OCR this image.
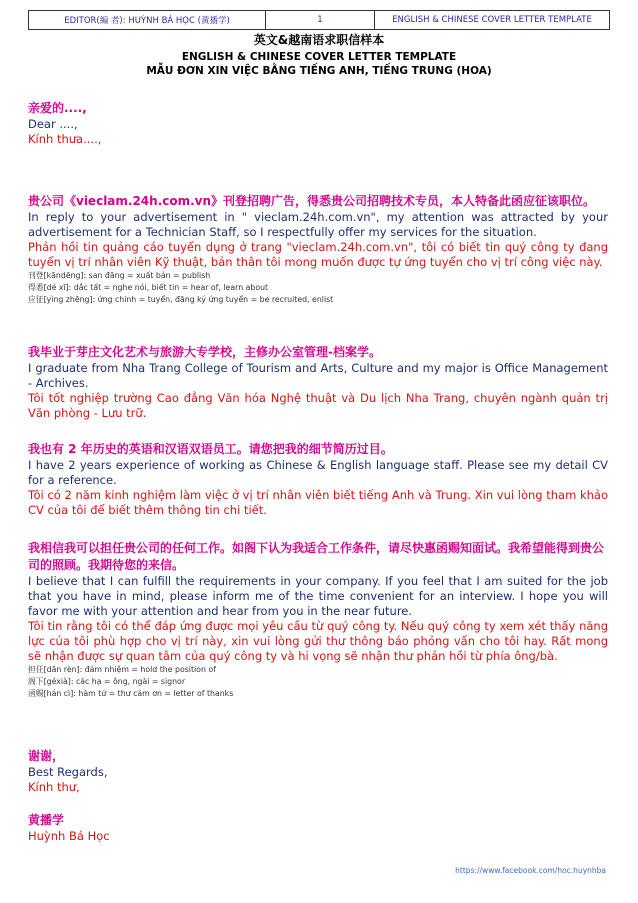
EDITOR(編 者): HUỲNH BÁ HỌC (黃播学)	1	ENGLISH & CHINESE COVER LETTER TEMPLATE
英文&越南语求职信样本
ENGLISH & CHINESE COVER LETTER TEMPLATE
MẪU ĐƠN XIN VIỆC BẰNG TIẾNG ANH, TIẾNG TRUNG (HOA)
亲爱的....,
Dear ....,
Kính thưa....,
贵公司《vieclam.24h.com.vn》刊登招聘广告，得悉贵公司招聘技术专员，本人特备此函应征该职位。
In reply to your advertisement in " vieclam.24h.com.vn", my attention was attracted by your advertisement for a Technician Staff, so I respectfully offer my services for the situation.
Phản hồi tin quảng cáo tuyển dụng ở trang "vieclam.24h.com.vn", tôi có biết tin quý công ty đang tuyển vị trí nhân viên Kỹ thuật, bản thân tôi mong muốn được tự ứng tuyển cho vị trí công việc này.
刊登[kāndēng]: san đăng = xuất bản = publish
得悉[dé xī]: dắc tất = nghe nói, biết tin = hear of, learn about
应征[yìng zhēng]: ứng chinh = tuyển, đăng ký ứng tuyển = be recruited, enlist
我毕业于芽庄文化艺术与旅游大专学校，主修办公室管理-档案学。
I graduate from Nha Trang College of Tourism and Arts, Culture and my major is Office Management - Archives.
Tôi tốt nghiệp trường Cao đẳng Văn hóa Nghệ thuật và Du lịch Nha Trang, chuyên ngành quản trị Văn phòng - Lưu trữ.
我也有 2 年历史的英语和汉语双语员工。请您把我的细节简历过目。
I have 2 years experience of working as Chinese & English language staff. Please see my detail CV for a reference.
Tôi có 2 năm kinh nghiệm làm việc ở vị trí nhân viên biết tiếng Anh và Trung. Xin vui lòng tham khảo CV của tôi để biết thêm thông tin chi tiết.
我相信我可以担任贵公司的任何工作。如阁下认为我适合工作条件，请尽快惠函赐知面试。我希望能得到贵公司的照顾。我期待您的来信。
I believe that I can fulfill the requirements in your company. If you feel that I am suited for the job that you have in mind, please inform me of the time convenient for an interview. I hope you will favor me with your attention and hear from you in the near future.
Tôi tin rằng tôi có thể đáp ứng được mọi yêu cầu từ quý công ty. Nếu quý công ty xem xét thấy năng lực của tôi phù hợp cho vị trí này, xin vui lòng gửi thư thông báo phỏng vấn cho tôi hay. Rất mong sẽ nhận được sự quan tâm của quý công ty và hi vọng sẽ nhận thư phản hồi từ phía ông/bà.
担任[dān rèn]: đảm nhiệm = hold the position of
阁下[géxià]: các hạ = ông, ngài = signor
函赐[hán cì]: hàm tứ = thư cảm ơn = letter of thanks
谢谢，
Best Regards,
Kính thư,
黄播学
Huỳnh Bá Học
https://www.facebook.com/hoc.huynhba
